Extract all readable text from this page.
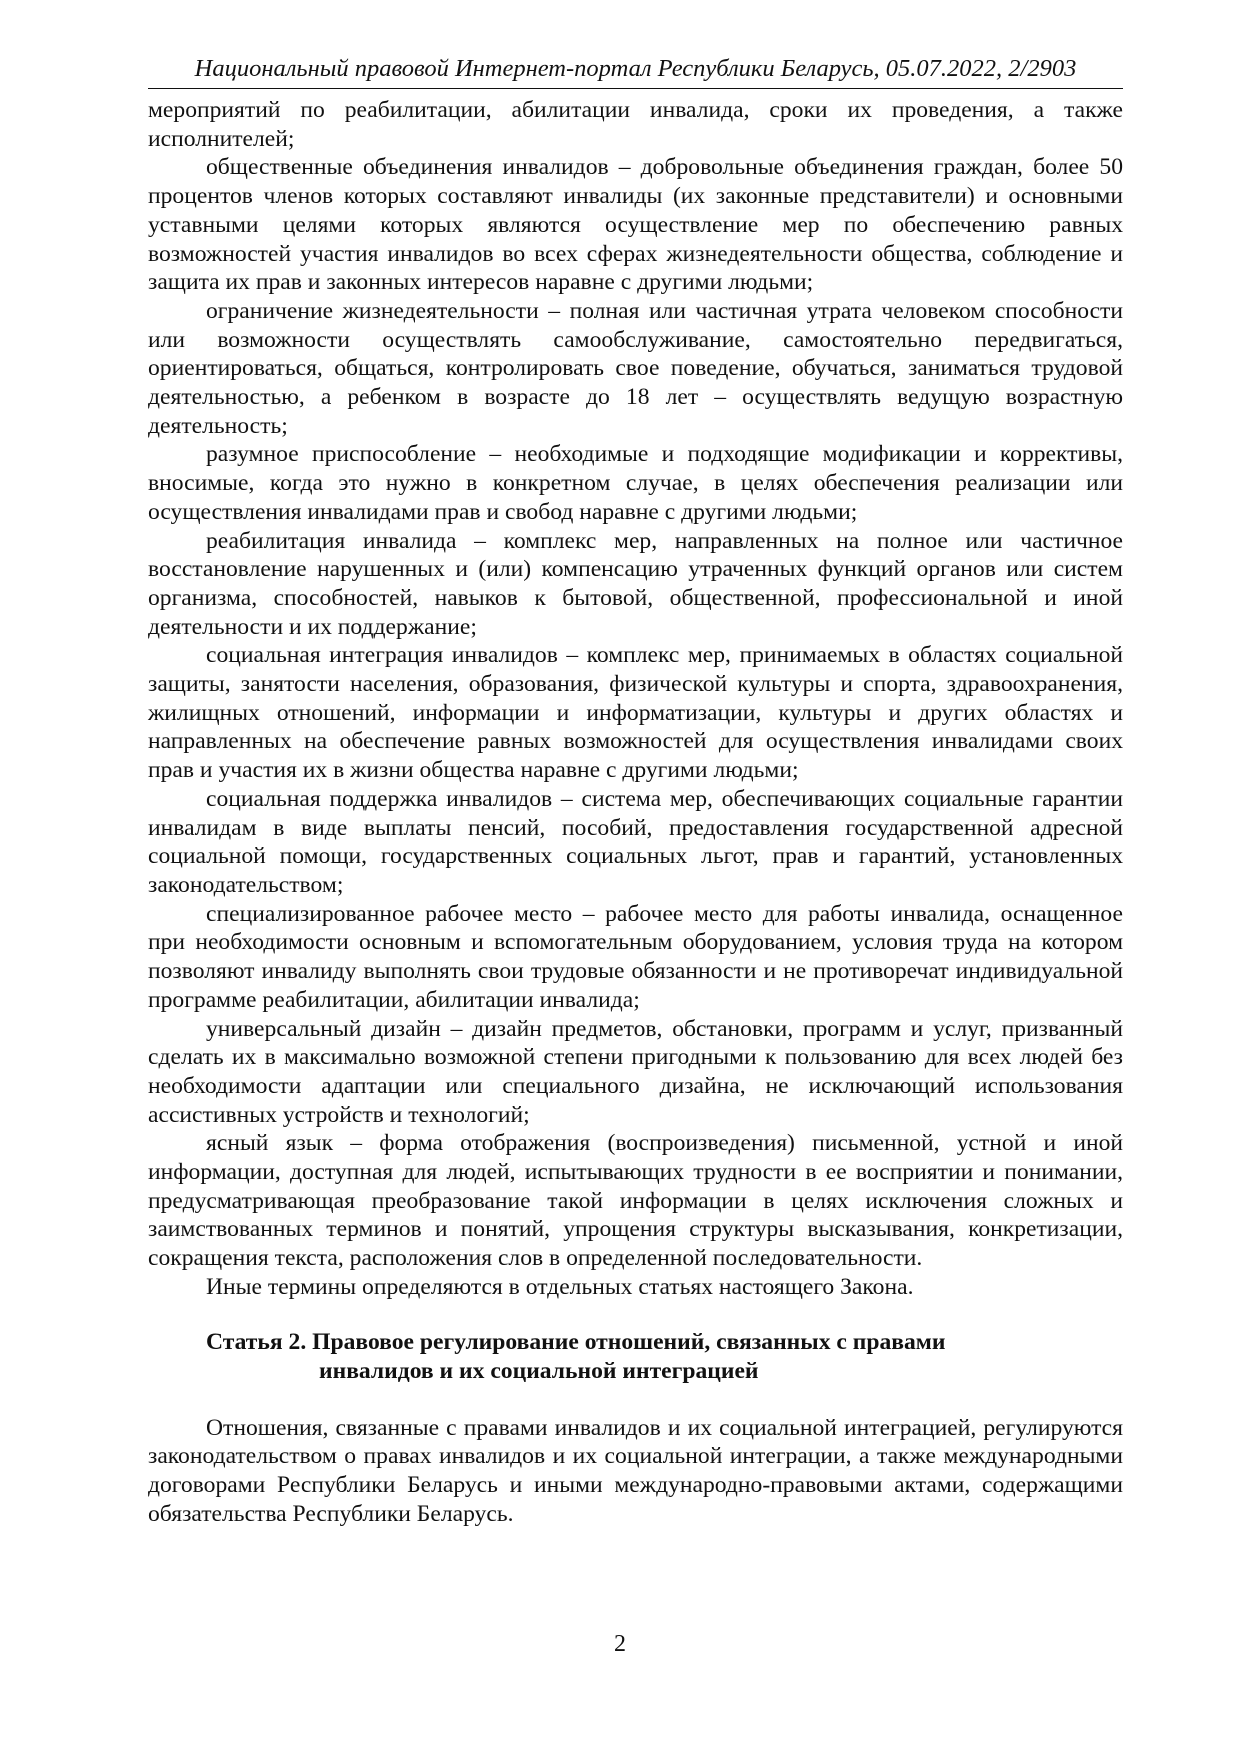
Национальный правовой Интернет-портал Республики Беларусь, 05.07.2022, 2/2903

мероприятий по реабилитации, абилитации инвалида, сроки их проведения, а также исполнителей;

общественные объединения инвалидов – добровольные объединения граждан, более 50 процентов членов которых составляют инвалиды (их законные представители) и основными уставными целями которых являются осуществление мер по обеспечению равных возможностей участия инвалидов во всех сферах жизнедеятельности общества, соблюдение и защита их прав и законных интересов наравне с другими людьми;

ограничение жизнедеятельности – полная или частичная утрата человеком способности или возможности осуществлять самообслуживание, самостоятельно передвигаться, ориентироваться, общаться, контролировать свое поведение, обучаться, заниматься трудовой деятельностью, а ребенком в возрасте до 18 лет – осуществлять ведущую возрастную деятельность;

разумное приспособление – необходимые и подходящие модификации и коррективы, вносимые, когда это нужно в конкретном случае, в целях обеспечения реализации или осуществления инвалидами прав и свобод наравне с другими людьми;

реабилитация инвалида – комплекс мер, направленных на полное или частичное восстановление нарушенных и (или) компенсацию утраченных функций органов или систем организма, способностей, навыков к бытовой, общественной, профессиональной и иной деятельности и их поддержание;

социальная интеграция инвалидов – комплекс мер, принимаемых в областях социальной защиты, занятости населения, образования, физической культуры и спорта, здравоохранения, жилищных отношений, информации и информатизации, культуры и других областях и направленных на обеспечение равных возможностей для осуществления инвалидами своих прав и участия их в жизни общества наравне с другими людьми;

социальная поддержка инвалидов – система мер, обеспечивающих социальные гарантии инвалидам в виде выплаты пенсий, пособий, предоставления государственной адресной социальной помощи, государственных социальных льгот, прав и гарантий, установленных законодательством;

специализированное рабочее место – рабочее место для работы инвалида, оснащенное при необходимости основным и вспомогательным оборудованием, условия труда на котором позволяют инвалиду выполнять свои трудовые обязанности и не противоречат индивидуальной программе реабилитации, абилитации инвалида;

универсальный дизайн – дизайн предметов, обстановки, программ и услуг, призванный сделать их в максимально возможной степени пригодными к пользованию для всех людей без необходимости адаптации или специального дизайна, не исключающий использования ассистивных устройств и технологий;

ясный язык – форма отображения (воспроизведения) письменной, устной и иной информации, доступная для людей, испытывающих трудности в ее восприятии и понимании, предусматривающая преобразование такой информации в целях исключения сложных и заимствованных терминов и понятий, упрощения структуры высказывания, конкретизации, сокращения текста, расположения слов в определенной последовательности.

Иные термины определяются в отдельных статьях настоящего Закона.

Статья 2. Правовое регулирование отношений, связанных с правами
инвалидов и их социальной интеграцией

Отношения, связанные с правами инвалидов и их социальной интеграцией, регулируются законодательством о правах инвалидов и их социальной интеграции, а также международными договорами Республики Беларусь и иными международно-правовыми актами, содержащими обязательства Республики Беларусь.

2
